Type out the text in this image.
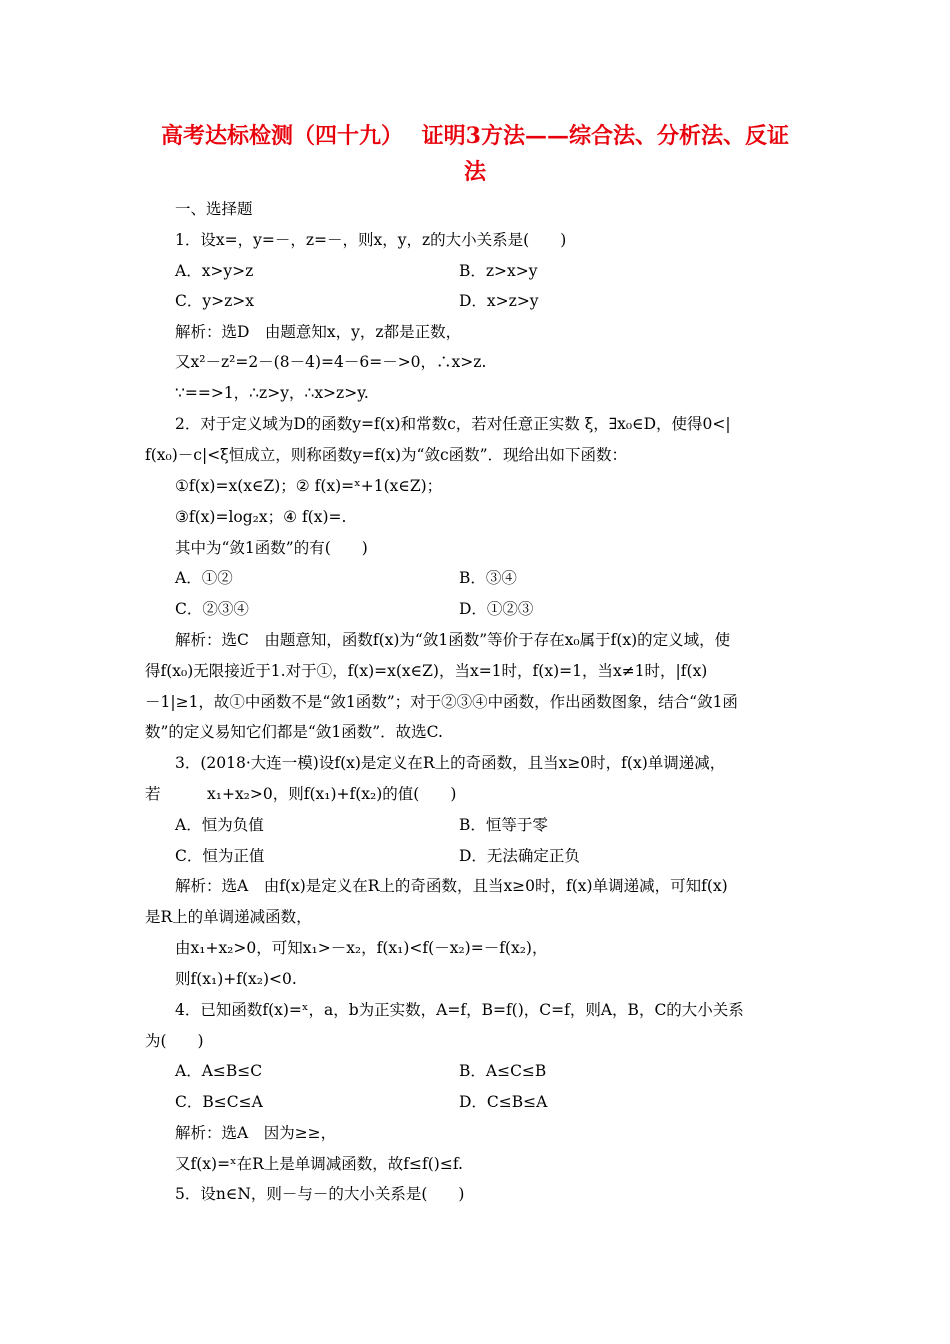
高考达标检测（四十九）　 证明3方法——综合法、分析法、反证
法
一、选择题
1．设x=，y=－，z=－，则x，y，z的大小关系是(　　)
A．x>y>z	B．z>x>y
C．y>z>x	D．x>z>y
解析：选D　由题意知x，y，z都是正数，
又x²－z²=2－(8－4)=4－6=－>0，∴x>z.
∵==>1，∴z>y，∴x>z>y.
2．对于定义域为D的函数y=f(x)和常数c，若对任意正实数 ξ，∃x₀∈D，使得0<|
f(x₀)－c|<ξ恒成立，则称函数y=f(x)为“敛c函数”．现给出如下函数：
①f(x)=x(x∈Z)；② f(x)=ˣ+1(x∈Z)；
③f(x)=log₂x；④ f(x)=.
其中为“敛1函数”的有(　　)
A．①②	B．③④
C．②③④	D．①②③
解析：选C　由题意知，函数f(x)为“敛1函数”等价于存在x₀属于f(x)的定义域，使
得f(x₀)无限接近于1.对于①，f(x)=x(x∈Z)，当x=1时，f(x)=1，当x≠1时，|f(x)
－1|≥1，故①中函数不是“敛1函数”；对于②③④中函数，作出函数图象，结合“敛1函
数”的定义易知它们都是“敛1函数”．故选C.
3．(2018·大连一模)设f(x)是定义在R上的奇函数，且当x≥0时，f(x)单调递减，
若　　　x₁+x₂>0，则f(x₁)+f(x₂)的值(　　)
A．恒为负值	B．恒等于零
C．恒为正值	D．无法确定正负
解析：选A　由f(x)是定义在R上的奇函数，且当x≥0时，f(x)单调递减，可知f(x)
是R上的单调递减函数，
由x₁+x₂>0，可知x₁>－x₂，f(x₁)<f(－x₂)=－f(x₂)，
则f(x₁)+f(x₂)<0.
4．已知函数f(x)=ˣ，a，b为正实数，A=f，B=f()，C=f，则A，B，C的大小关系
为(　　)
A．A≤B≤C	B．A≤C≤B
C．B≤C≤A	D．C≤B≤A
解析：选A　因为≥≥，
又f(x)=ˣ在R上是单调减函数，故f≤f()≤f.
5．设n∈N，则－与－的大小关系是(　　)
